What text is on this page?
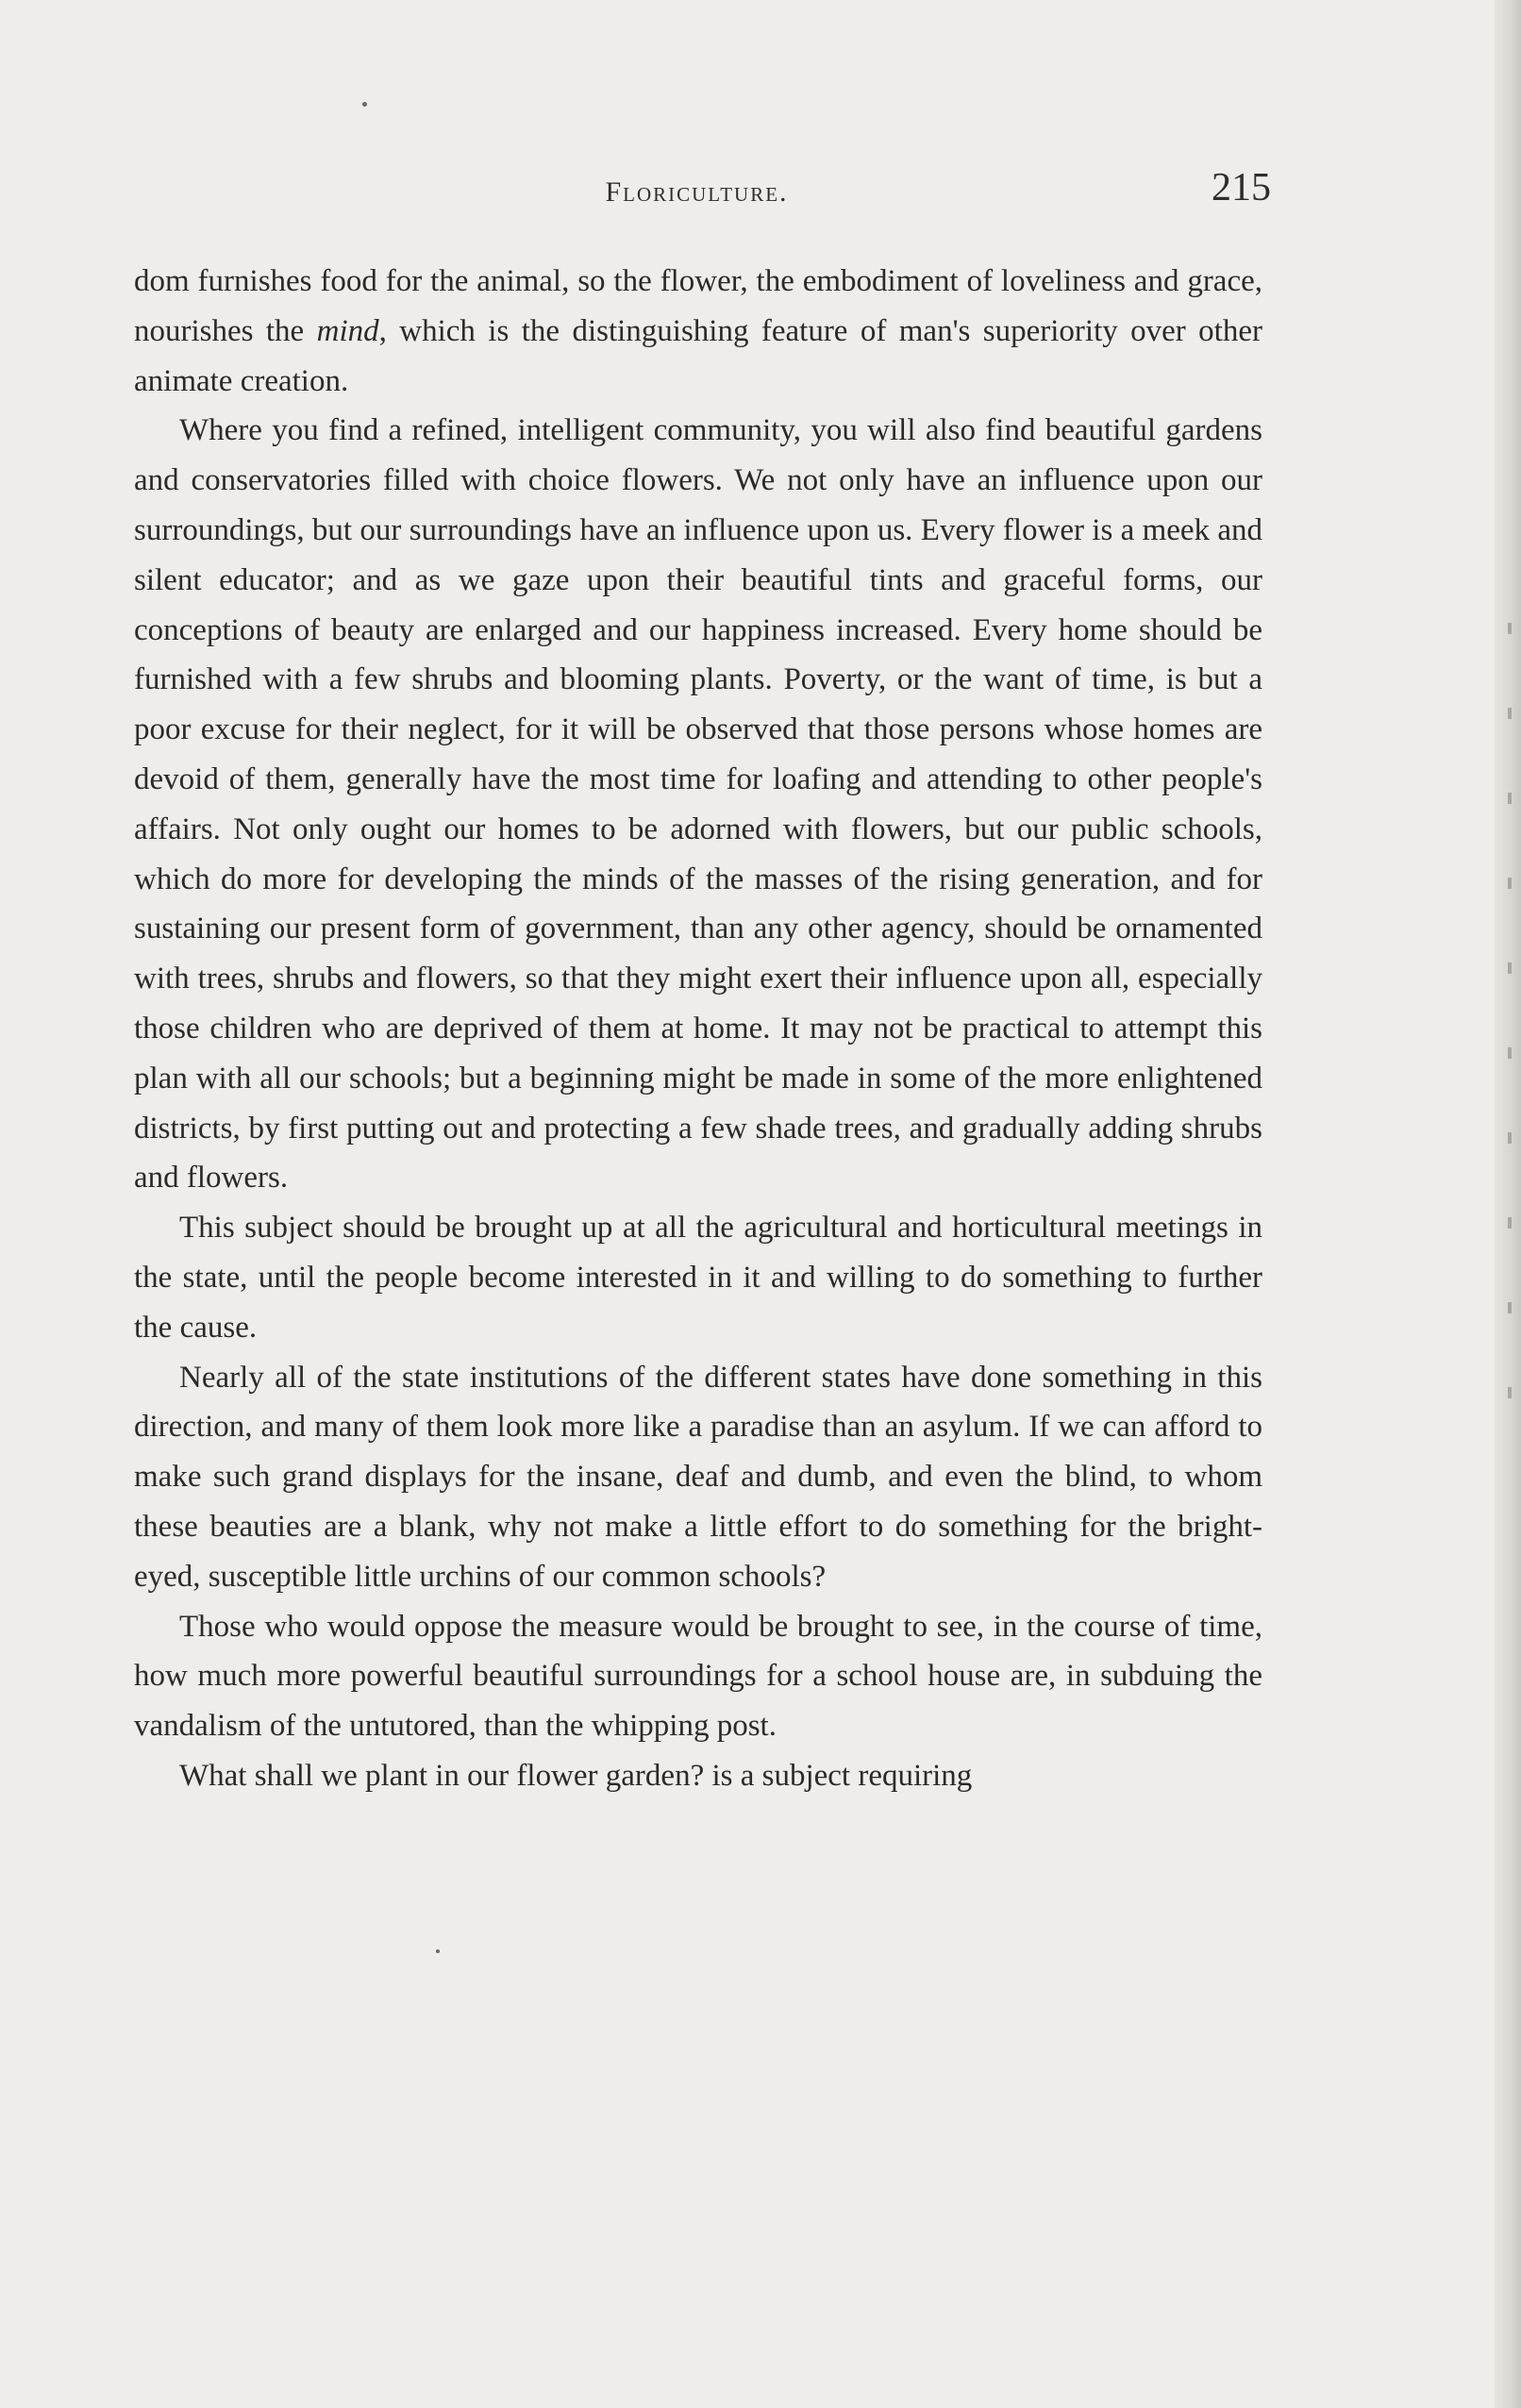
Floriculture.	215

dom furnishes food for the animal, so the flower, the embodiment of loveliness and grace, nourishes the mind, which is the distinguishing feature of man's superiority over other animate creation.

Where you find a refined, intelligent community, you will also find beautiful gardens and conservatories filled with choice flowers. We not only have an influence upon our surroundings, but our surroundings have an influence upon us. Every flower is a meek and silent educator; and as we gaze upon their beautiful tints and graceful forms, our conceptions of beauty are enlarged and our happiness increased. Every home should be furnished with a few shrubs and blooming plants. Poverty, or the want of time, is but a poor excuse for their neglect, for it will be observed that those persons whose homes are devoid of them, generally have the most time for loafing and attending to other people's affairs. Not only ought our homes to be adorned with flowers, but our public schools, which do more for developing the minds of the masses of the rising generation, and for sustaining our present form of government, than any other agency, should be ornamented with trees, shrubs and flowers, so that they might exert their influence upon all, especially those children who are deprived of them at home. It may not be practical to attempt this plan with all our schools; but a beginning might be made in some of the more enlightened districts, by first putting out and protecting a few shade trees, and gradually adding shrubs and flowers.

This subject should be brought up at all the agricultural and horticultural meetings in the state, until the people become interested in it and willing to do something to further the cause.

Nearly all of the state institutions of the different states have done something in this direction, and many of them look more like a paradise than an asylum. If we can afford to make such grand displays for the insane, deaf and dumb, and even the blind, to whom these beauties are a blank, why not make a little effort to do something for the bright-eyed, susceptible little urchins of our common schools?

Those who would oppose the measure would be brought to see, in the course of time, how much more powerful beautiful surroundings for a school house are, in subduing the vandalism of the untutored, than the whipping post.

What shall we plant in our flower garden? is a subject requiring
